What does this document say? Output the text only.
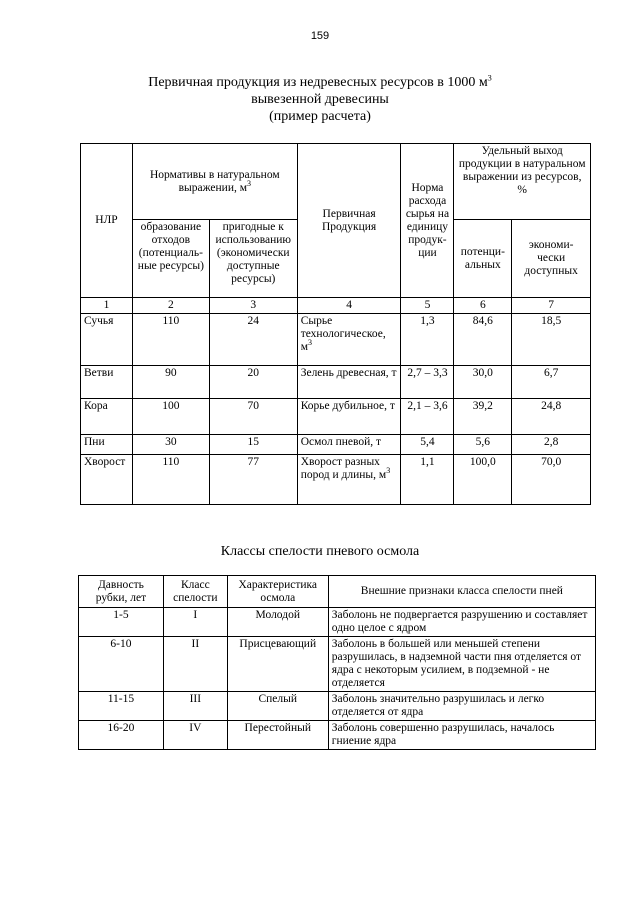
159
Первичная продукция из недревесных ресурсов в 1000 $м^3$
вывезенной древесины
(пример расчета)
НЛР	Нормативы в натуральном выражении, $м^3$		Первичная Продукция	Норма расхода сырья на единицу продук-ции	Удельный выход продукции в натуральном выражении из ресурсов, %	
	образование отходов (потенциаль-ные ресурсы)	пригодные к использованию (экономически доступные ресурсы)			потенци-альных	экономи-чески доступных
1	2	3	4	5	6	7
Сучья	110	24	Сырье технологическое, $м^3$	1,3	84,6	18,5
Ветви	90	20	Зелень древесная, т	2,7 – 3,3	30,0	6,7
Кора	100	70	Корье дубильное, т	2,1 – 3,6	39,2	24,8
Пни	30	15	Осмол пневой, т	5,4	5,6	2,8
Хворост	110	77	Хворост разных пород и длины, $м^3$	1,1	100,0	70,0
Классы спелости пневого осмола
Давность рубки, лет	Класс спелости	Характеристика осмола	Внешние признаки класса спелости пней
1-5	I	Молодой	Заболонь не подвергается разрушению и составляет одно целое с ядром
6-10	II	Присцевающий	Заболонь в большей или меньшей степени разрушилась, в надземной части пня отделяется от ядра с некоторым усилием, в подземной - не отделяется
11-15	III	Спелый	Заболонь значительно разрушилась и легко отделяется от ядра
16-20	IV	Перестойный	Заболонь совершенно разрушилась, началось гниение ядра
